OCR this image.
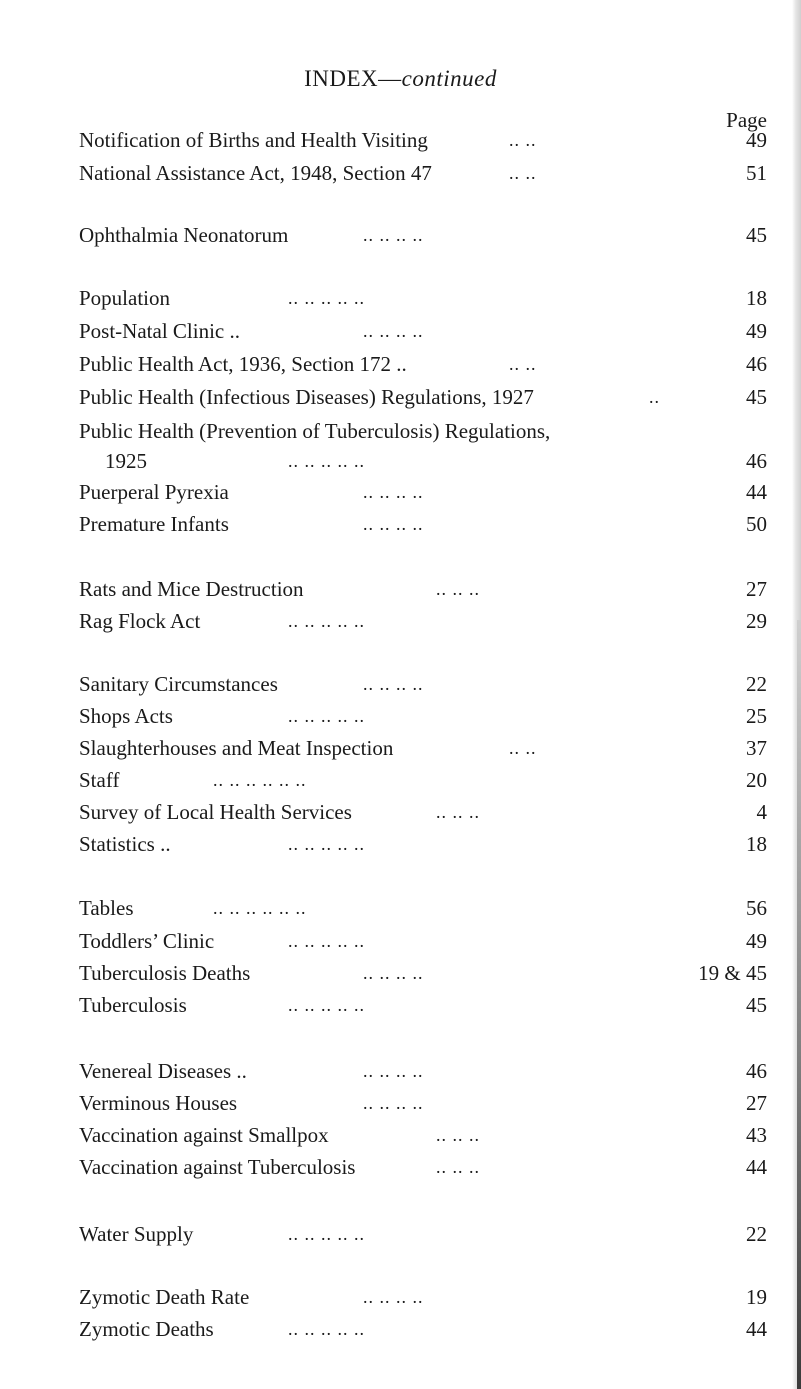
INDEX—continued
Page
Notification of Births and Health Visiting	.. ..	49
National Assistance Act, 1948, Section 47	.. ..	51
Ophthalmia Neonatorum	.. .. .. ..	45
Population	.. .. .. .. ..	18
Post-Natal Clinic ..	.. .. .. ..	49
Public Health Act, 1936, Section 172 ..	.. ..	46
Public Health (Infectious Diseases) Regulations, 1927	..	45
Public Health (Prevention of Tuberculosis) Regulations,
1925	.. .. .. .. ..	46
Puerperal Pyrexia	.. .. .. ..	44
Premature Infants	.. .. .. ..	50
Rats and Mice Destruction	.. .. ..	27
Rag Flock Act	.. .. .. .. ..	29
Sanitary Circumstances	.. .. .. ..	22
Shops Acts	.. .. .. .. ..	25
Slaughterhouses and Meat Inspection	.. ..	37
Staff	.. .. .. .. .. ..	20
Survey of Local Health Services	.. .. ..	4
Statistics ..	.. .. .. .. ..	18
Tables	.. .. .. .. .. ..	56
Toddlers’ Clinic	.. .. .. .. ..	49
Tuberculosis Deaths	.. .. .. ..	19 & 45
Tuberculosis	.. .. .. .. ..	45
Venereal Diseases ..	.. .. .. ..	46
Verminous Houses	.. .. .. ..	27
Vaccination against Smallpox	.. .. ..	43
Vaccination against Tuberculosis	.. .. ..	44
Water Supply	.. .. .. .. ..	22
Zymotic Death Rate	.. .. .. ..	19
Zymotic Deaths	.. .. .. .. ..	44
